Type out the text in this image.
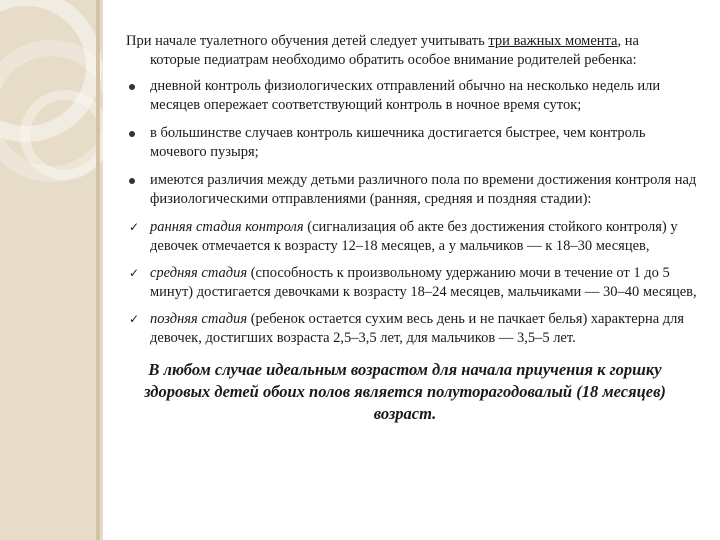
При начале туалетного обучения детей следует учитывать три важных момента, на
которые педиатрам необходимо обратить особое внимание родителей ребенка:

дневной контроль физиологических отправлений обычно на несколько недель или месяцев опережает соответствующий контроль в ночное время суток;
в большинстве случаев контроль кишечника достигается быстрее, чем контроль мочевого пузыря;
имеются различия между детьми различного пола по времени достижения контроля над физиологическими отправлениями (ранняя, средняя и поздняя стадии):
✓ ранняя стадия контроля (сигнализация об акте без достижения стойкого контроля) у девочек отмечается к возрасту 12–18 месяцев, а у мальчиков — к 18–30 месяцев,
✓ средняя стадия (способность к произвольному удержанию мочи в течение от 1 до 5 минут) достигается девочками к возрасту 18–24 месяцев, мальчиками — 30–40 месяцев,
✓ поздняя стадия (ребенок остается сухим весь день и не пачкает белья) характерна для девочек, достигших возраста 2,5–3,5 лет, для мальчиков — 3,5–5 лет.
В любом случае идеальным возрастом для начала приучения к горшку здоровых детей обоих полов является полуторагодовалый (18 месяцев) возраст.
